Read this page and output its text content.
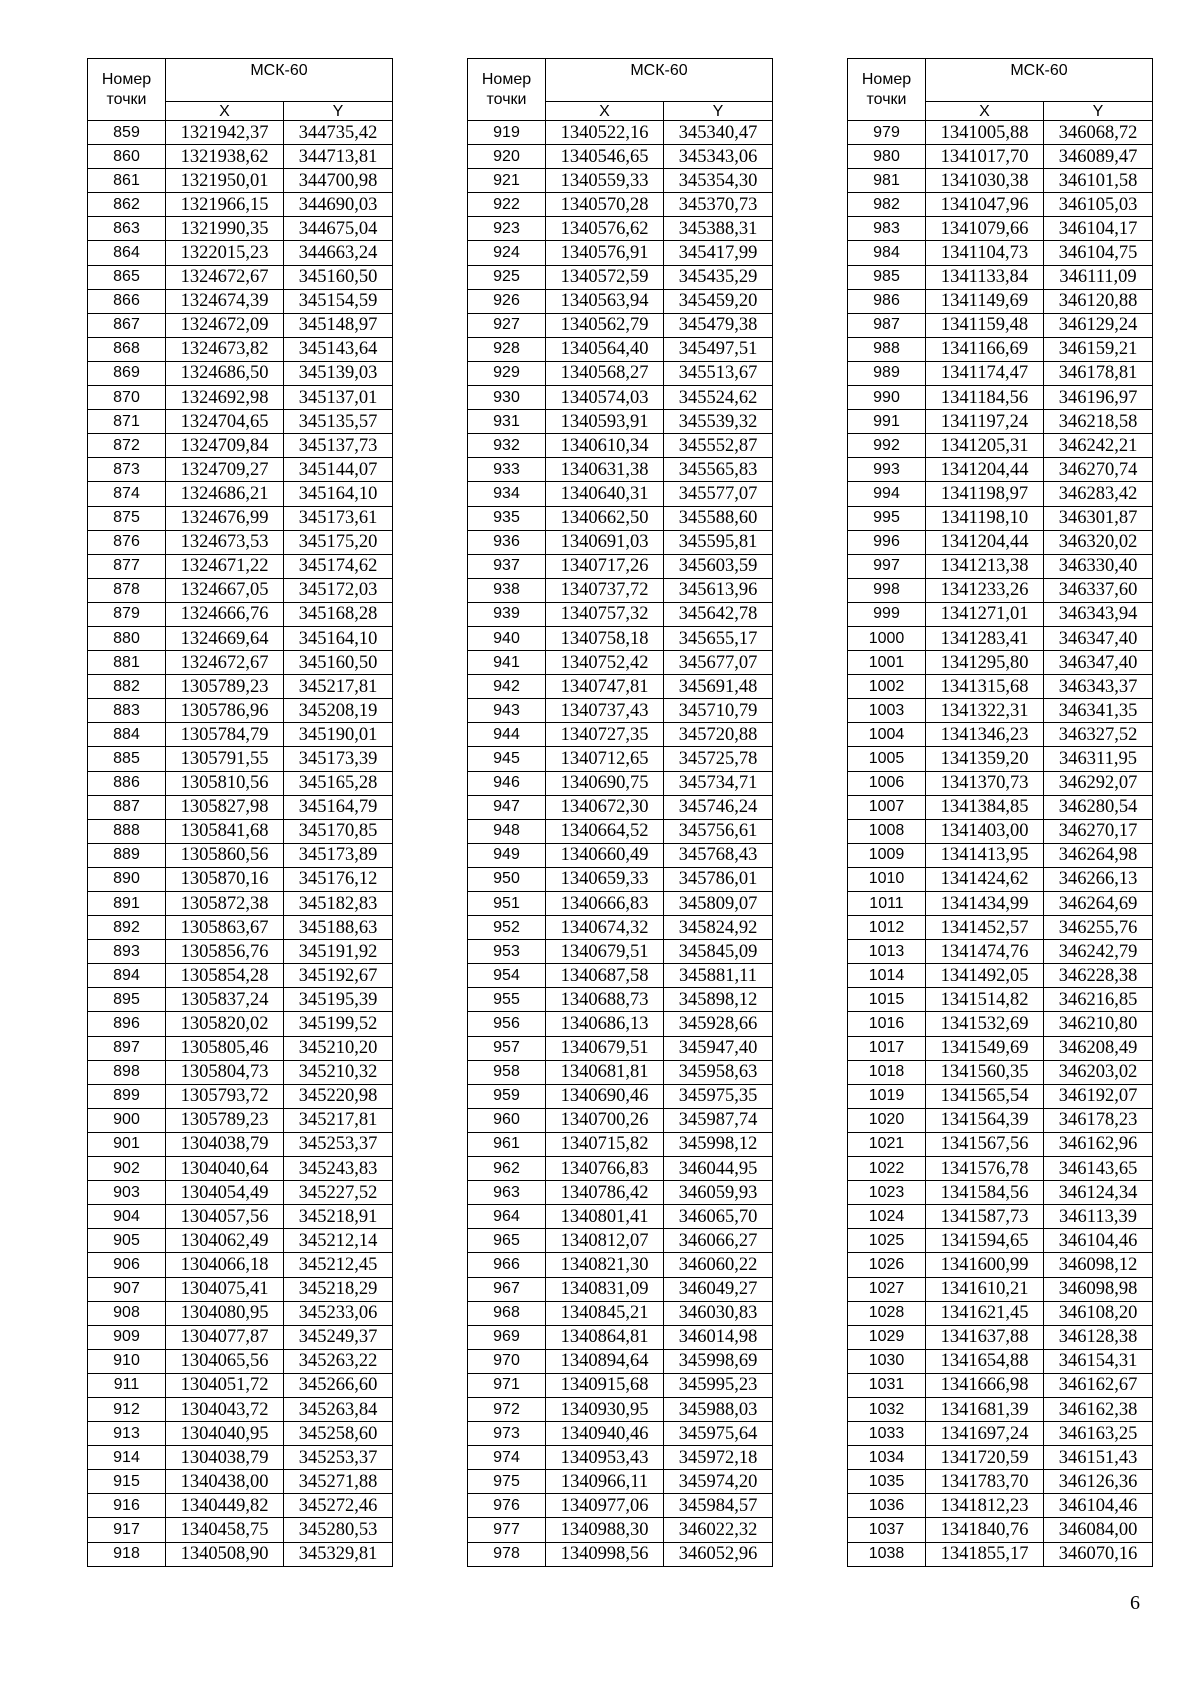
Номер
точки	МСК-60	
	X	Y
859	1321942,37	344735,42
860	1321938,62	344713,81
861	1321950,01	344700,98
862	1321966,15	344690,03
863	1321990,35	344675,04
864	1322015,23	344663,24
865	1324672,67	345160,50
866	1324674,39	345154,59
867	1324672,09	345148,97
868	1324673,82	345143,64
869	1324686,50	345139,03
870	1324692,98	345137,01
871	1324704,65	345135,57
872	1324709,84	345137,73
873	1324709,27	345144,07
874	1324686,21	345164,10
875	1324676,99	345173,61
876	1324673,53	345175,20
877	1324671,22	345174,62
878	1324667,05	345172,03
879	1324666,76	345168,28
880	1324669,64	345164,10
881	1324672,67	345160,50
882	1305789,23	345217,81
883	1305786,96	345208,19
884	1305784,79	345190,01
885	1305791,55	345173,39
886	1305810,56	345165,28
887	1305827,98	345164,79
888	1305841,68	345170,85
889	1305860,56	345173,89
890	1305870,16	345176,12
891	1305872,38	345182,83
892	1305863,67	345188,63
893	1305856,76	345191,92
894	1305854,28	345192,67
895	1305837,24	345195,39
896	1305820,02	345199,52
897	1305805,46	345210,20
898	1305804,73	345210,32
899	1305793,72	345220,98
900	1305789,23	345217,81
901	1304038,79	345253,37
902	1304040,64	345243,83
903	1304054,49	345227,52
904	1304057,56	345218,91
905	1304062,49	345212,14
906	1304066,18	345212,45
907	1304075,41	345218,29
908	1304080,95	345233,06
909	1304077,87	345249,37
910	1304065,56	345263,22
911	1304051,72	345266,60
912	1304043,72	345263,84
913	1304040,95	345258,60
914	1304038,79	345253,37
915	1340438,00	345271,88
916	1340449,82	345272,46
917	1340458,75	345280,53
918	1340508,90	345329,81
Номер
точки	МСК-60	
	X	Y
919	1340522,16	345340,47
920	1340546,65	345343,06
921	1340559,33	345354,30
922	1340570,28	345370,73
923	1340576,62	345388,31
924	1340576,91	345417,99
925	1340572,59	345435,29
926	1340563,94	345459,20
927	1340562,79	345479,38
928	1340564,40	345497,51
929	1340568,27	345513,67
930	1340574,03	345524,62
931	1340593,91	345539,32
932	1340610,34	345552,87
933	1340631,38	345565,83
934	1340640,31	345577,07
935	1340662,50	345588,60
936	1340691,03	345595,81
937	1340717,26	345603,59
938	1340737,72	345613,96
939	1340757,32	345642,78
940	1340758,18	345655,17
941	1340752,42	345677,07
942	1340747,81	345691,48
943	1340737,43	345710,79
944	1340727,35	345720,88
945	1340712,65	345725,78
946	1340690,75	345734,71
947	1340672,30	345746,24
948	1340664,52	345756,61
949	1340660,49	345768,43
950	1340659,33	345786,01
951	1340666,83	345809,07
952	1340674,32	345824,92
953	1340679,51	345845,09
954	1340687,58	345881,11
955	1340688,73	345898,12
956	1340686,13	345928,66
957	1340679,51	345947,40
958	1340681,81	345958,63
959	1340690,46	345975,35
960	1340700,26	345987,74
961	1340715,82	345998,12
962	1340766,83	346044,95
963	1340786,42	346059,93
964	1340801,41	346065,70
965	1340812,07	346066,27
966	1340821,30	346060,22
967	1340831,09	346049,27
968	1340845,21	346030,83
969	1340864,81	346014,98
970	1340894,64	345998,69
971	1340915,68	345995,23
972	1340930,95	345988,03
973	1340940,46	345975,64
974	1340953,43	345972,18
975	1340966,11	345974,20
976	1340977,06	345984,57
977	1340988,30	346022,32
978	1340998,56	346052,96
Номер
точки	МСК-60	
	X	Y
979	1341005,88	346068,72
980	1341017,70	346089,47
981	1341030,38	346101,58
982	1341047,96	346105,03
983	1341079,66	346104,17
984	1341104,73	346104,75
985	1341133,84	346111,09
986	1341149,69	346120,88
987	1341159,48	346129,24
988	1341166,69	346159,21
989	1341174,47	346178,81
990	1341184,56	346196,97
991	1341197,24	346218,58
992	1341205,31	346242,21
993	1341204,44	346270,74
994	1341198,97	346283,42
995	1341198,10	346301,87
996	1341204,44	346320,02
997	1341213,38	346330,40
998	1341233,26	346337,60
999	1341271,01	346343,94
1000	1341283,41	346347,40
1001	1341295,80	346347,40
1002	1341315,68	346343,37
1003	1341322,31	346341,35
1004	1341346,23	346327,52
1005	1341359,20	346311,95
1006	1341370,73	346292,07
1007	1341384,85	346280,54
1008	1341403,00	346270,17
1009	1341413,95	346264,98
1010	1341424,62	346266,13
1011	1341434,99	346264,69
1012	1341452,57	346255,76
1013	1341474,76	346242,79
1014	1341492,05	346228,38
1015	1341514,82	346216,85
1016	1341532,69	346210,80
1017	1341549,69	346208,49
1018	1341560,35	346203,02
1019	1341565,54	346192,07
1020	1341564,39	346178,23
1021	1341567,56	346162,96
1022	1341576,78	346143,65
1023	1341584,56	346124,34
1024	1341587,73	346113,39
1025	1341594,65	346104,46
1026	1341600,99	346098,12
1027	1341610,21	346098,98
1028	1341621,45	346108,20
1029	1341637,88	346128,38
1030	1341654,88	346154,31
1031	1341666,98	346162,67
1032	1341681,39	346162,38
1033	1341697,24	346163,25
1034	1341720,59	346151,43
1035	1341783,70	346126,36
1036	1341812,23	346104,46
1037	1341840,76	346084,00
1038	1341855,17	346070,16
6
